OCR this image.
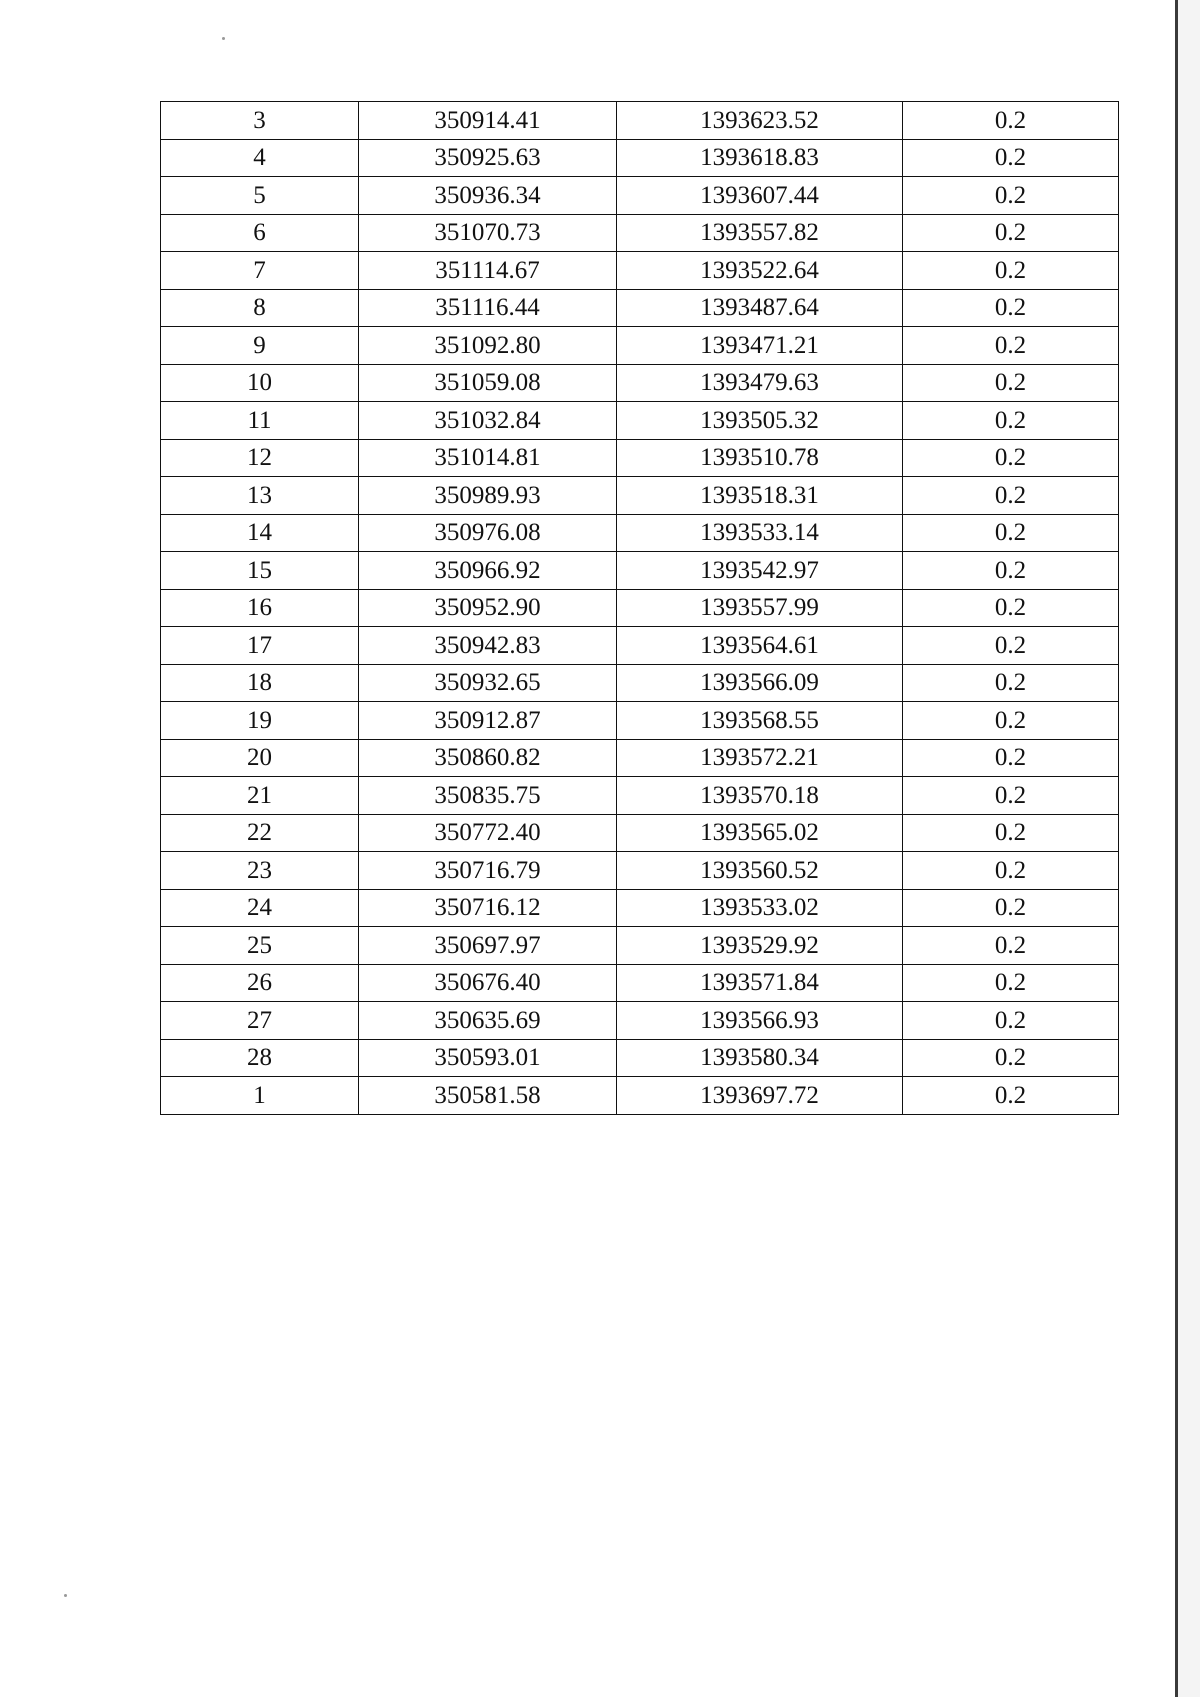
3	350914.41	1393623.52	0.2
4	350925.63	1393618.83	0.2
5	350936.34	1393607.44	0.2
6	351070.73	1393557.82	0.2
7	351114.67	1393522.64	0.2
8	351116.44	1393487.64	0.2
9	351092.80	1393471.21	0.2
10	351059.08	1393479.63	0.2
11	351032.84	1393505.32	0.2
12	351014.81	1393510.78	0.2
13	350989.93	1393518.31	0.2
14	350976.08	1393533.14	0.2
15	350966.92	1393542.97	0.2
16	350952.90	1393557.99	0.2
17	350942.83	1393564.61	0.2
18	350932.65	1393566.09	0.2
19	350912.87	1393568.55	0.2
20	350860.82	1393572.21	0.2
21	350835.75	1393570.18	0.2
22	350772.40	1393565.02	0.2
23	350716.79	1393560.52	0.2
24	350716.12	1393533.02	0.2
25	350697.97	1393529.92	0.2
26	350676.40	1393571.84	0.2
27	350635.69	1393566.93	0.2
28	350593.01	1393580.34	0.2
1	350581.58	1393697.72	0.2
